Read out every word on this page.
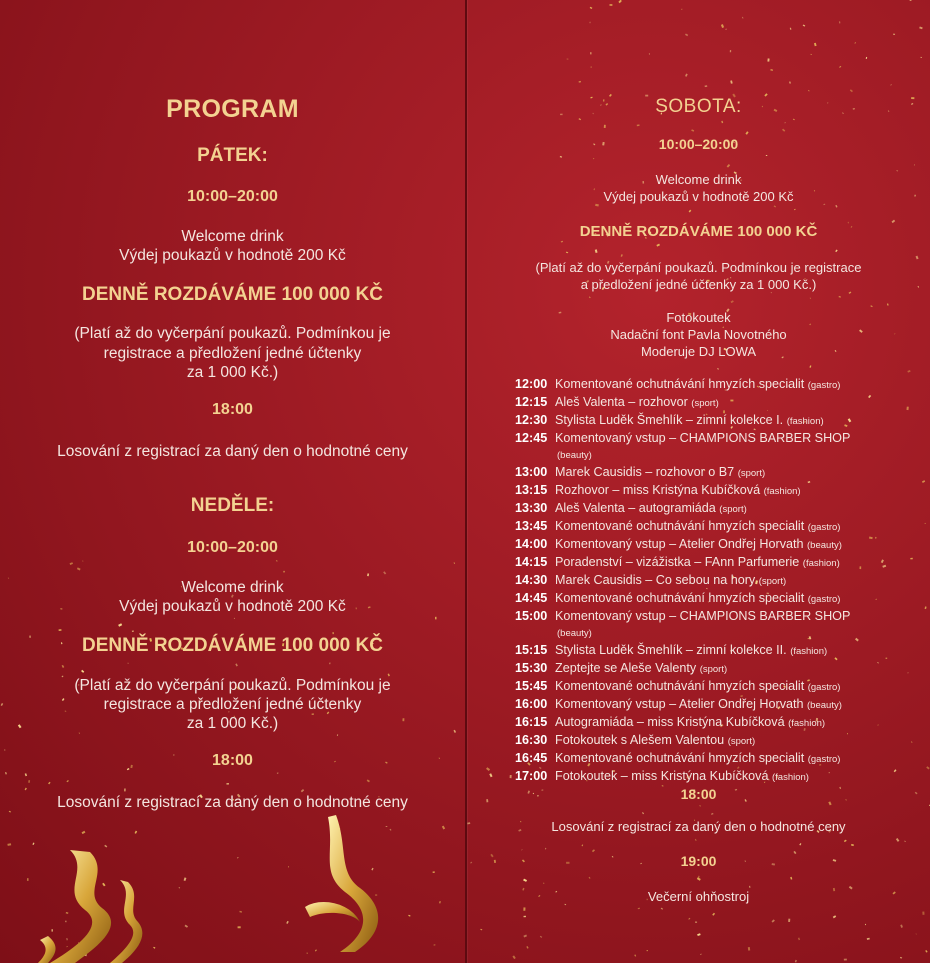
PROGRAM
PÁTEK:
10:00–20:00
Welcome drink
Výdej poukazů v hodnotě 200 Kč
DENNĚ ROZDÁVÁME 100 000 KČ
(Platí až do vyčerpání poukazů. Podmínkou je
registrace a předložení jedné účtenky
za 1 000 Kč.)
18:00
Losování z registrací za daný den o hodnotné ceny
NEDĚLE:
10:00–20:00
Welcome drink
Výdej poukazů v hodnotě 200 Kč
DENNĚ ROZDÁVÁME 100 000 KČ
(Platí až do vyčerpání poukazů. Podmínkou je
registrace a předložení jedné účtenky
za 1 000 Kč.)
18:00
Losování z registrací za daný den o hodnotné ceny
SOBOTA:
10:00–20:00
Welcome drink
Výdej poukazů v hodnotě 200 Kč
DENNĚ ROZDÁVÁME 100 000 KČ
(Platí až do vyčerpání poukazů. Podmínkou je registrace
a předložení jedné účtenky za 1 000 Kč.)
Fotokoutek
Nadační font Pavla Novotného
Moderuje DJ LOWA
12:00 Komentované ochutnávání hmyzích specialit (gastro)
12:15 Aleš Valenta – rozhovor (sport)
12:30 Stylista Luděk Šmehlík – zimní kolekce I. (fashion)
12:45 Komentovaný vstup – CHAMPIONS BARBER SHOP
(beauty)
13:00 Marek Causidis – rozhovor o B7 (sport)
13:15 Rozhovor – miss Kristýna Kubíčková (fashion)
13:30 Aleš Valenta – autogramiáda (sport)
13:45 Komentované ochutnávání hmyzích specialit (gastro)
14:00 Komentovaný vstup – Atelier Ondřej Horvath (beauty)
14:15 Poradenství – vizážistka – FAnn Parfumerie (fashion)
14:30 Marek Causidis – Co sebou na hory (sport)
14:45 Komentované ochutnávání hmyzích specialit (gastro)
15:00 Komentovaný vstup – CHAMPIONS BARBER SHOP
(beauty)
15:15 Stylista Luděk Šmehlík – zimní kolekce II. (fashion)
15:30 Zeptejte se Aleše Valenty (sport)
15:45 Komentované ochutnávání hmyzích specialit (gastro)
16:00 Komentovaný vstup – Atelier Ondřej Horvath (beauty)
16:15 Autogramiáda – miss Kristýna Kubíčková (fashion)
16:30 Fotokoutek s Alešem Valentou (sport)
16:45 Komentované ochutnávání hmyzích specialit (gastro)
17:00 Fotokoutek – miss Kristýna Kubíčková (fashion)
18:00
Losování z registrací za daný den o hodnotné ceny
19:00
Večerní ohňostroj
